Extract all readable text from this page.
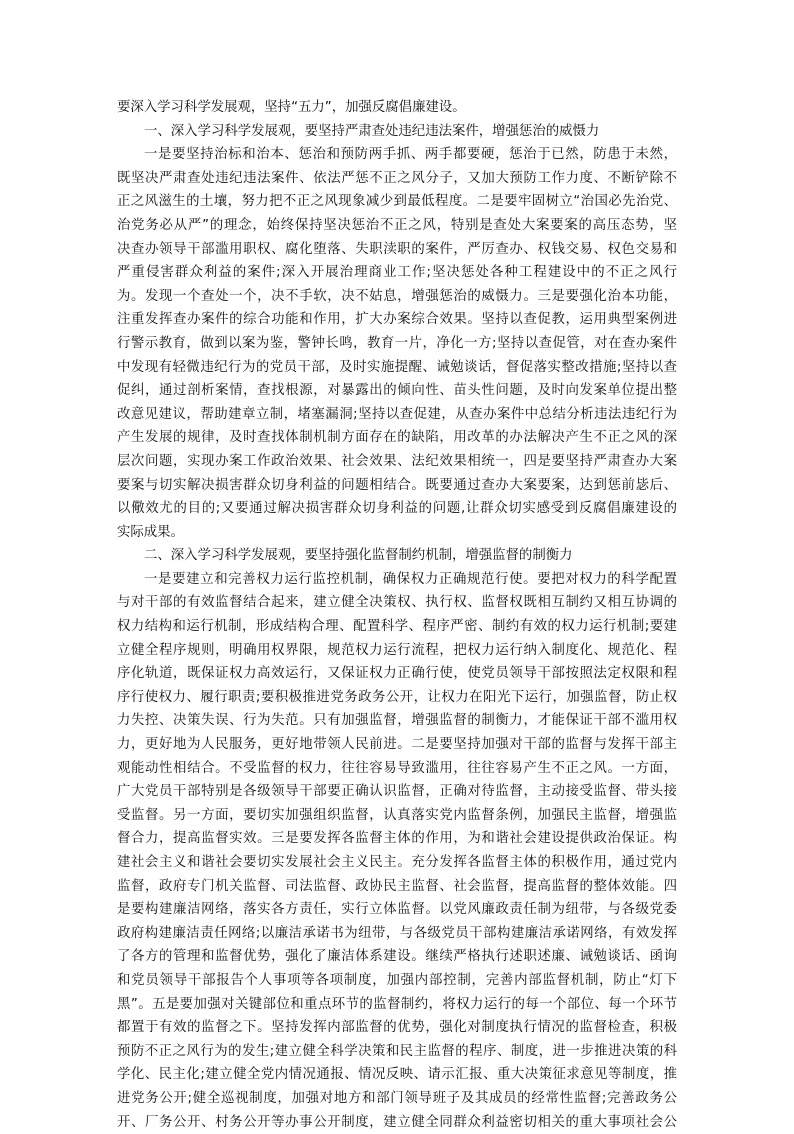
要深入学习科学发展观，坚持“五力”，加强反腐倡廉建设。
一、深入学习科学发展观，要坚持严肃查处违纪违法案件，增强惩治的威慑力
一是要坚持治标和治本、惩治和预防两手抓、两手都要硬，惩治于已然，防患于未然，
既坚决严肃查处违纪违法案件、依法严惩不正之风分子，又加大预防工作力度、不断铲除不
正之风滋生的土壤，努力把不正之风现象减少到最低程度。二是要牢固树立“治国必先治党、
治党务必从严”的理念，始终保持坚决惩治不正之风，特别是查处大案要案的高压态势，坚
决查办领导干部滥用职权、腐化堕落、失职渎职的案件，严厉查办、权钱交易、权色交易和
严重侵害群众利益的案件;深入开展治理商业工作;坚决惩处各种工程建设中的不正之风行
为。发现一个查处一个，决不手软，决不姑息，增强惩治的威慑力。三是要强化治本功能，
注重发挥查办案件的综合功能和作用，扩大办案综合效果。坚持以查促教，运用典型案例进
行警示教育，做到以案为鉴，警钟长鸣，教育一片，净化一方;坚持以查促管，对在查办案件
中发现有轻微违纪行为的党员干部，及时实施提醒、诫勉谈话，督促落实整改措施;坚持以查
促纠，通过剖析案情，查找根源，对暴露出的倾向性、苗头性问题，及时向发案单位提出整
改意见建议，帮助建章立制，堵塞漏洞;坚持以查促建，从查办案件中总结分析违法违纪行为
产生发展的规律，及时查找体制机制方面存在的缺陷，用改革的办法解决产生不正之风的深
层次问题，实现办案工作政治效果、社会效果、法纪效果相统一，四是要坚持严肃查办大案
要案与切实解决损害群众切身利益的问题相结合。既要通过查办大案要案，达到惩前毖后、
以儆效尤的目的;又要通过解决损害群众切身利益的问题,让群众切实感受到反腐倡廉建设的
实际成果。
二、深入学习科学发展观，要坚持强化监督制约机制，增强监督的制衡力
一是要建立和完善权力运行监控机制，确保权力正确规范行使。要把对权力的科学配置
与对干部的有效监督结合起来，建立健全决策权、执行权、监督权既相互制约又相互协调的
权力结构和运行机制，形成结构合理、配置科学、程序严密、制约有效的权力运行机制;要建
立健全程序规则，明确用权界限，规范权力运行流程，把权力运行纳入制度化、规范化、程
序化轨道，既保证权力高效运行，又保证权力正确行使，使党员领导干部按照法定权限和程
序行使权力、履行职责;要积极推进党务政务公开，让权力在阳光下运行，加强监督，防止权
力失控、决策失误、行为失范。只有加强监督，增强监督的制衡力，才能保证干部不滥用权
力，更好地为人民服务，更好地带领人民前进。二是要坚持加强对干部的监督与发挥干部主
观能动性相结合。不受监督的权力，往往容易导致滥用，往往容易产生不正之风。一方面，
广大党员干部特别是各级领导干部要正确认识监督，正确对待监督，主动接受监督、带头接
受监督。另一方面，要切实加强组织监督，认真落实党内监督条例，加强民主监督，增强监
督合力，提高监督实效。三是要发挥各监督主体的作用，为和谐社会建设提供政治保证。构
建社会主义和谐社会要切实发展社会主义民主。充分发挥各监督主体的积极作用，通过党内
监督，政府专门机关监督、司法监督、政协民主监督、社会监督，提高监督的整体效能。四
是要构建廉洁网络，落实各方责任，实行立体监督。以党风廉政责任制为纽带，与各级党委
政府构建廉洁责任网络;以廉洁承诺书为纽带，与各级党员干部构建廉洁承诺网络，有效发挥
了各方的管理和监督优势，强化了廉洁体系建设。继续严格执行述职述廉、诫勉谈话、函询
和党员领导干部报告个人事项等各项制度，加强内部控制，完善内部监督机制，防止“灯下
黑”。五是要加强对关键部位和重点环节的监督制约，将权力运行的每一个部位、每一个环节
都置于有效的监督之下。坚持发挥内部监督的优势，强化对制度执行情况的监督检查，积极
预防不正之风行为的发生;建立健全科学决策和民主监督的程序、制度，进一步推进决策的科
学化、民主化;建立健全党内情况通报、情况反映、请示汇报、重大决策征求意见等制度，推
进党务公开;健全巡视制度，加强对地方和部门领导班子及其成员的经常性监督;完善政务公
开、厂务公开、村务公开等办事公开制度，建立健全同群众利益密切相关的重大事项社会公
